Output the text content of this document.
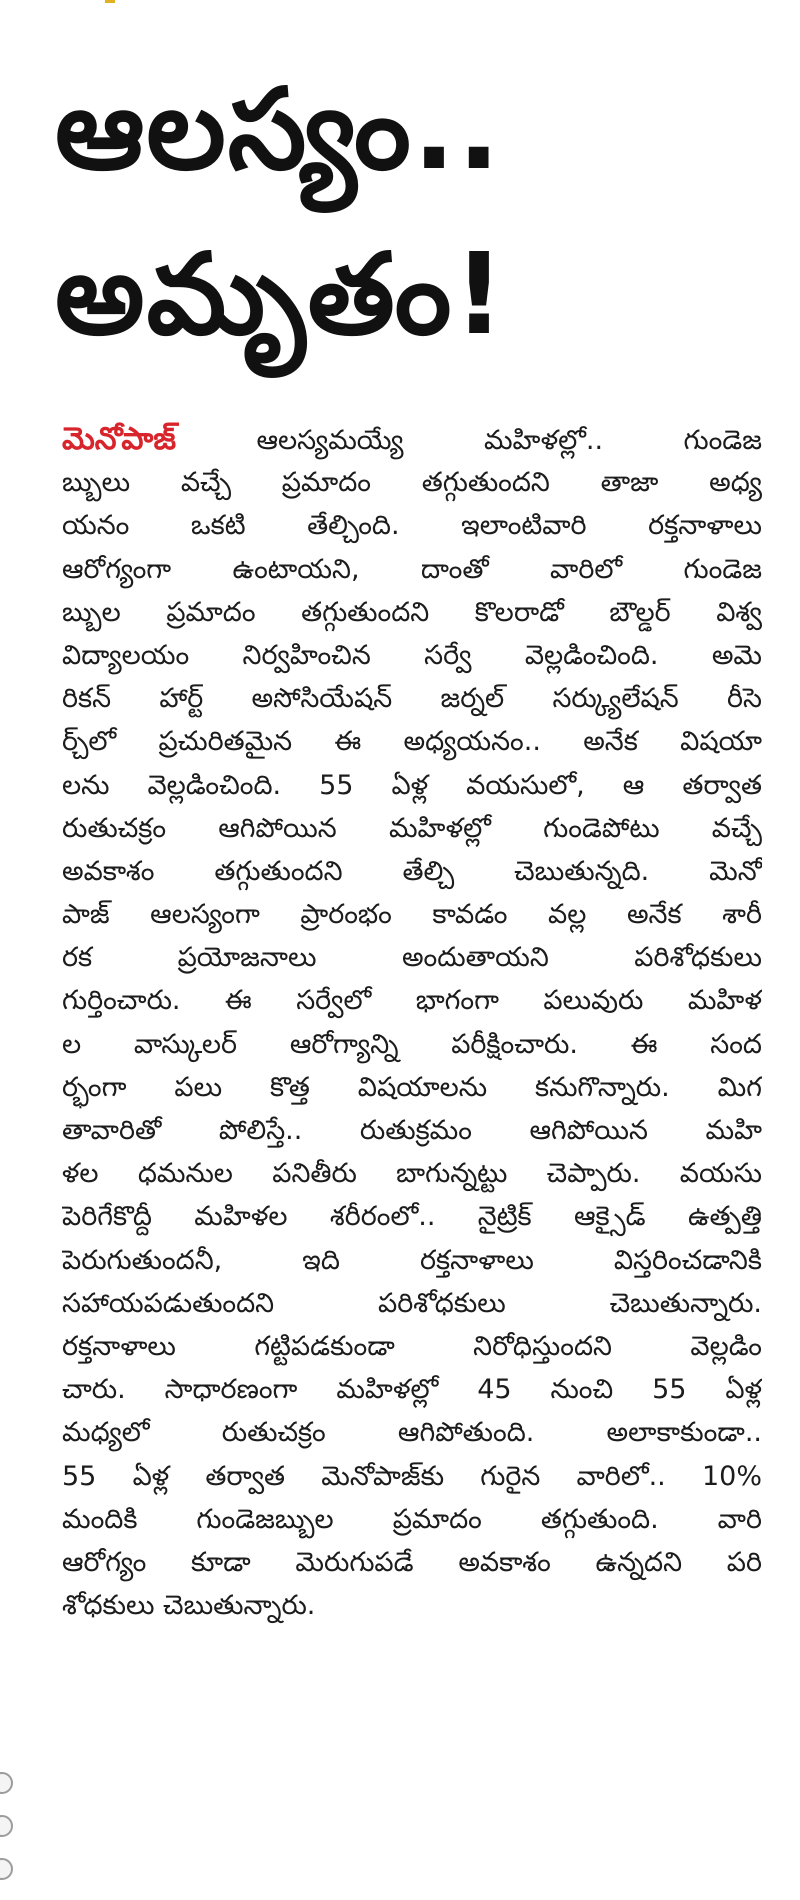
ఆలస్యం..
అమృతం!
మెనోపాజ్ ఆలస్యమయ్యే మహిళల్లో.. గుండెజ
బ్బులు వచ్చే ప్రమాదం తగ్గుతుందని తాజా అధ్య
యనం ఒకటి తేల్చింది. ఇలాంటివారి రక్తనాళాలు
ఆరోగ్యంగా ఉంటాయని, దాంతో వారిలో గుండెజ
బ్బుల ప్రమాదం తగ్గుతుందని కొలరాడో బౌల్డర్ విశ్వ
విద్యాలయం నిర్వహించిన సర్వే వెల్లడించింది. అమె
రికన్ హార్ట్ అసోసియేషన్ జర్నల్ సర్క్యులేషన్ రీసె
ర్చ్‌లో ప్రచురితమైన ఈ అధ్యయనం.. అనేక విషయా
లను వెల్లడించింది. 55 ఏళ్ల వయసులో, ఆ తర్వాత
రుతుచక్రం ఆగిపోయిన మహిళల్లో గుండెపోటు వచ్చే
అవకాశం తగ్గుతుందని తేల్చి చెబుతున్నది. మెనో
పాజ్ ఆలస్యంగా ప్రారంభం కావడం వల్ల అనేక శారీ
రక ప్రయోజనాలు అందుతాయని పరిశోధకులు
గుర్తించారు. ఈ సర్వేలో భాగంగా పలువురు మహిళ
ల వాస్కులర్ ఆరోగ్యాన్ని పరీక్షించారు. ఈ సంద
ర్భంగా పలు కొత్త విషయాలను కనుగొన్నారు. మిగ
తావారితో పోలిస్తే.. రుతుక్రమం ఆగిపోయిన మహి
ళల ధమనుల పనితీరు బాగున్నట్టు చెప్పారు. వయసు
పెరిగేకొద్దీ మహిళల శరీరంలో.. నైట్రిక్ ఆక్సైడ్ ఉత్పత్తి
పెరుగుతుందనీ, ఇది రక్తనాళాలు విస్తరించడానికి
సహాయపడుతుందని పరిశోధకులు చెబుతున్నారు.
రక్తనాళాలు గట్టిపడకుండా నిరోధిస్తుందని వెల్లడిం
చారు. సాధారణంగా మహిళల్లో 45 నుంచి 55 ఏళ్ల
మధ్యలో రుతుచక్రం ఆగిపోతుంది. అలాకాకుండా..
55 ఏళ్ల తర్వాత మెనోపాజ్‌కు గురైన వారిలో.. 10%
మందికి గుండెజబ్బుల ప్రమాదం తగ్గుతుంది. వారి
ఆరోగ్యం కూడా మెరుగుపడే అవకాశం ఉన్నదని పరి
శోధకులు చెబుతున్నారు.
